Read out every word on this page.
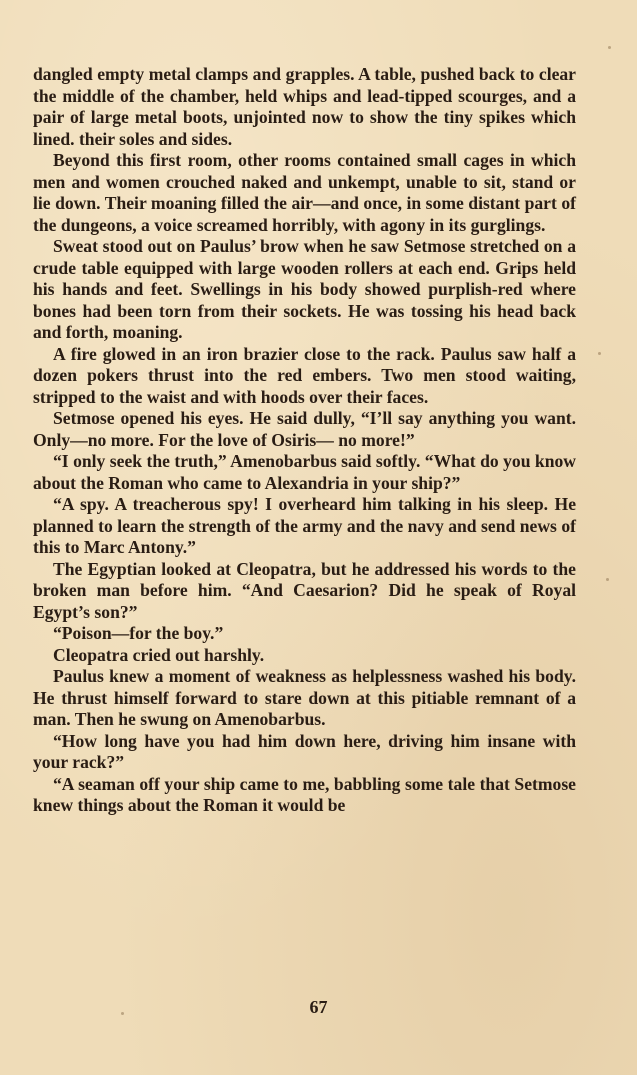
dangled empty metal clamps and grapples. A table, pushed back to clear the middle of the chamber, held whips and lead-tipped scourges, and a pair of large metal boots, unjointed now to show the tiny spikes which lined. their soles and sides.

Beyond this first room, other rooms contained small cages in which men and women crouched naked and unkempt, unable to sit, stand or lie down. Their moaning filled the air—and once, in some distant part of the dungeons, a voice screamed horribly, with agony in its gurglings.

Sweat stood out on Paulus’ brow when he saw Setmose stretched on a crude table equipped with large wooden rollers at each end. Grips held his hands and feet. Swellings in his body showed purplish-red where bones had been torn from their sockets. He was tossing his head back and forth, moaning.

A fire glowed in an iron brazier close to the rack. Paulus saw half a dozen pokers thrust into the red embers. Two men stood waiting, stripped to the waist and with hoods over their faces.

Setmose opened his eyes. He said dully, “I’ll say anything you want. Only—no more. For the love of Osiris— no more!”

“I only seek the truth,” Amenobarbus said softly. “What do you know about the Roman who came to Alexandria in your ship?”

“A spy. A treacherous spy! I overheard him talking in his sleep. He planned to learn the strength of the army and the navy and send news of this to Marc Antony.”

The Egyptian looked at Cleopatra, but he addressed his words to the broken man before him. “And Caesarion? Did he speak of Royal Egypt’s son?”

“Poison—for the boy.”

Cleopatra cried out harshly.

Paulus knew a moment of weakness as helplessness washed his body. He thrust himself forward to stare down at this pitiable remnant of a man. Then he swung on Amenobarbus.

“How long have you had him down here, driving him insane with your rack?”

“A seaman off your ship came to me, babbling some tale that Setmose knew things about the Roman it would be

67
